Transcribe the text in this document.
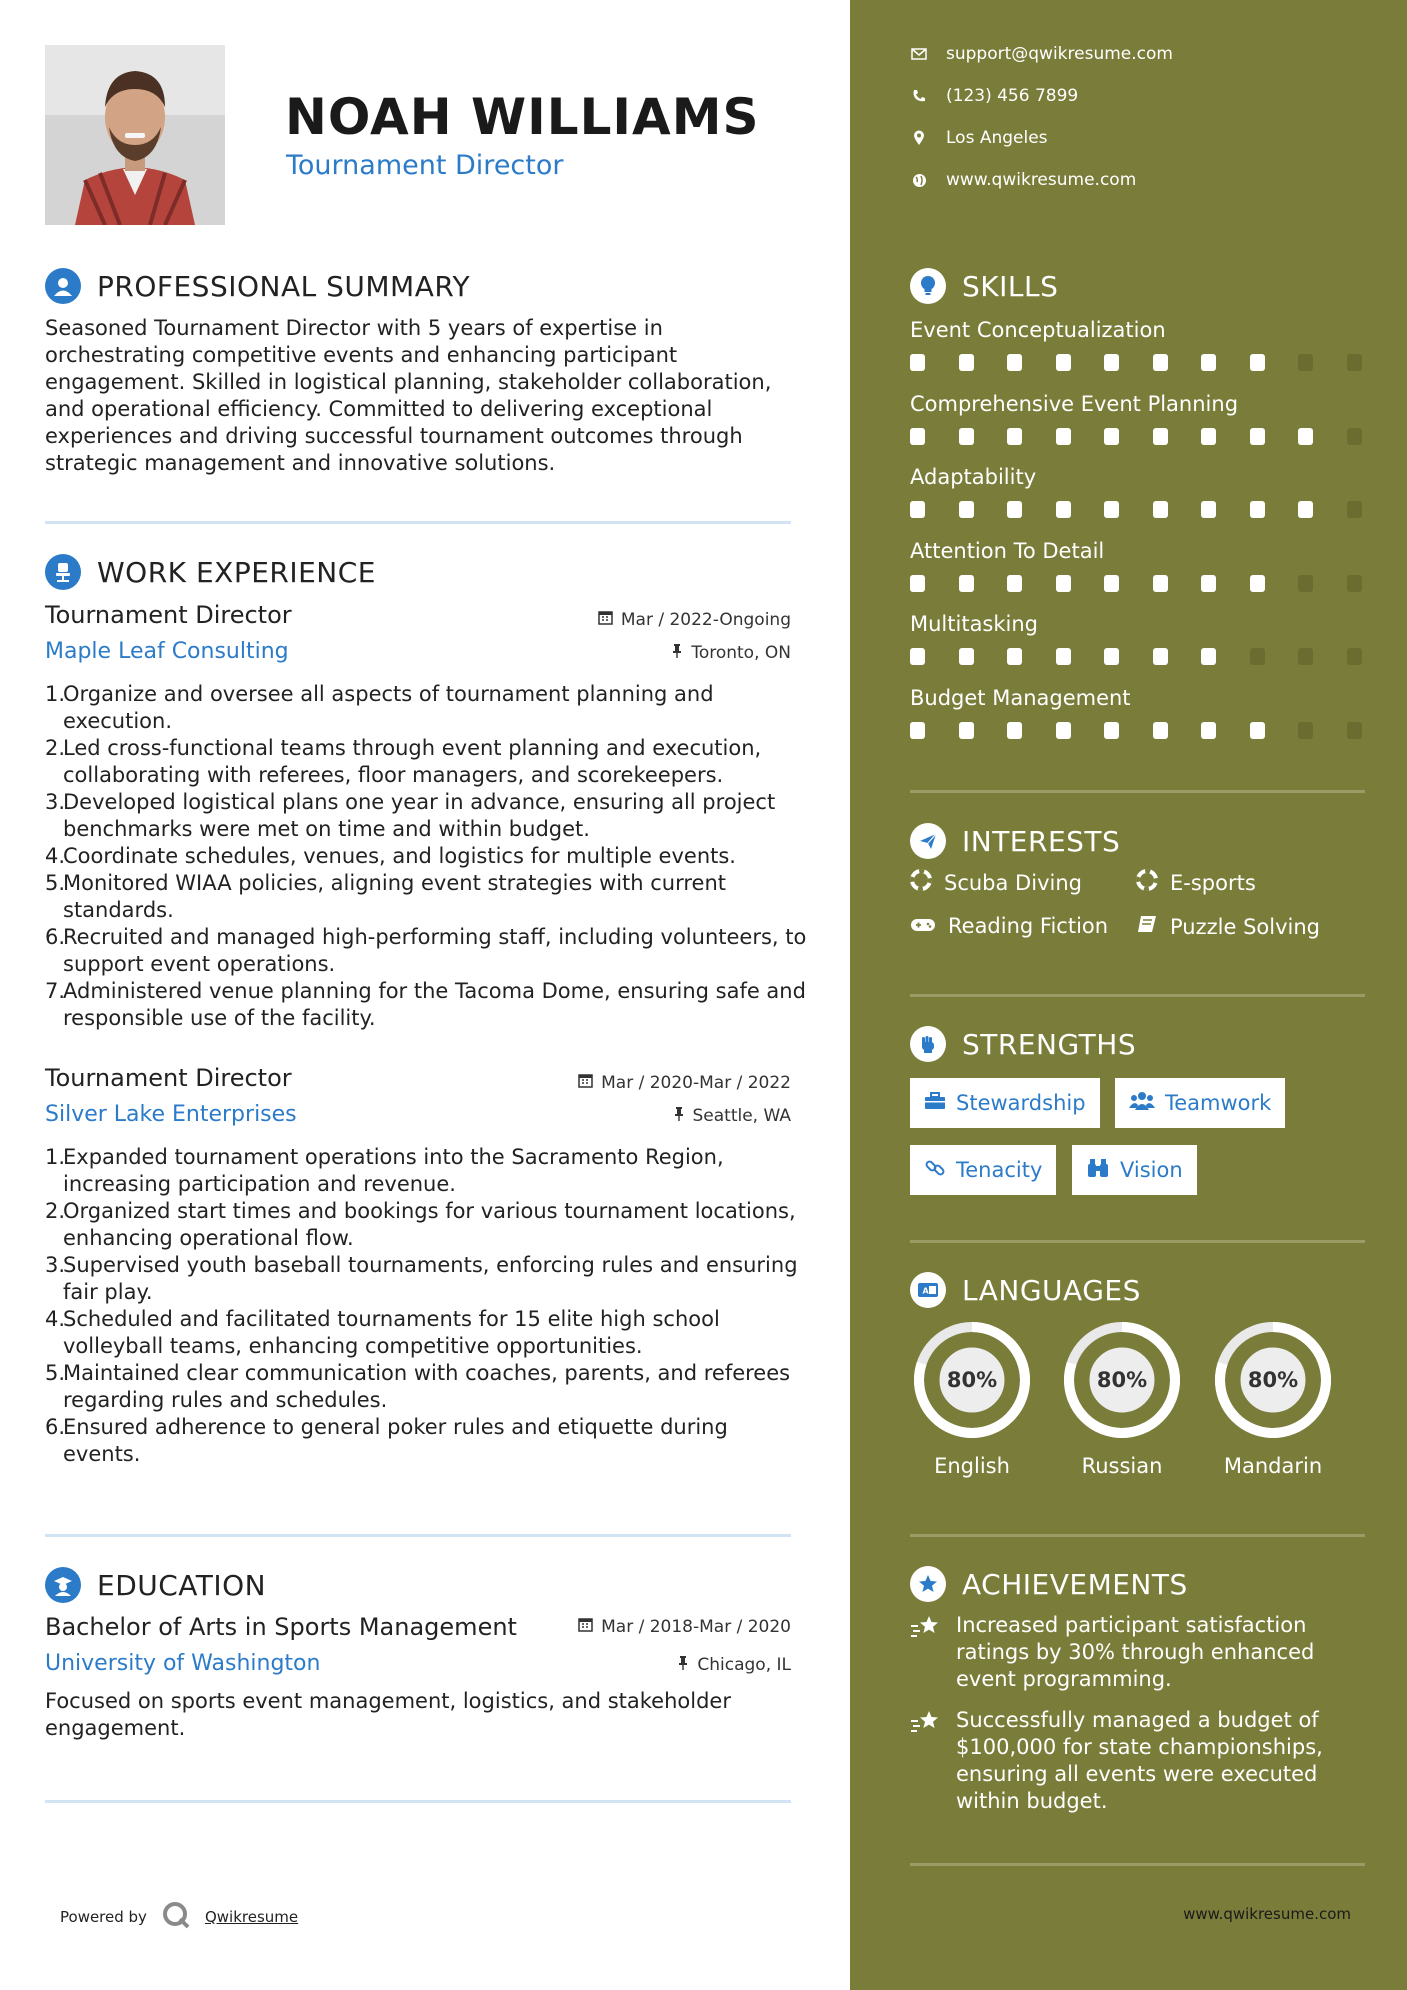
NOAH WILLIAMS
Tournament Director
PROFESSIONAL SUMMARY
Seasoned Tournament Director with 5 years of expertise in orchestrating competitive events and enhancing participant engagement. Skilled in logistical planning, stakeholder collaboration, and operational efficiency. Committed to delivering exceptional experiences and driving successful tournament outcomes through strategic management and innovative solutions.
WORK EXPERIENCE
Tournament Director	Mar / 2022-Ongoing
Maple Leaf Consulting	Toronto, ON
1.
Organize and oversee all aspects of tournament planning and execution.
2.
Led cross-functional teams through event planning and execution, collaborating with referees, floor managers, and scorekeepers.
3.
Developed logistical plans one year in advance, ensuring all project benchmarks were met on time and within budget.
4.
Coordinate schedules, venues, and logistics for multiple events.
5.
Monitored WIAA policies, aligning event strategies with current standards.
6.
Recruited and managed high-performing staff, including volunteers, to support event operations.
7.
Administered venue planning for the Tacoma Dome, ensuring safe and responsible use of the facility.
Tournament Director	Mar / 2020-Mar / 2022
Silver Lake Enterprises	Seattle, WA
1.
Expanded tournament operations into the Sacramento Region, increasing participation and revenue.
2.
Organized start times and bookings for various tournament locations, enhancing operational flow.
3.
Supervised youth baseball tournaments, enforcing rules and ensuring fair play.
4.
Scheduled and facilitated tournaments for 15 elite high school volleyball teams, enhancing competitive opportunities.
5.
Maintained clear communication with coaches, parents, and referees regarding rules and schedules.
6.
Ensured adherence to general poker rules and etiquette during events.
EDUCATION
Bachelor of Arts in Sports Management	Mar / 2018-Mar / 2020
University of Washington	Chicago, IL
Focused on sports event management, logistics, and stakeholder engagement.
Powered by	Qwikresume
support@qwikresume.com
(123) 456 7899
Los Angeles
www.qwikresume.com
SKILLS
Event Conceptualization
Comprehensive Event Planning
Adaptability
Attention To Detail
Multitasking
Budget Management
INTERESTS
Scuba Diving	E-sports
Reading Fiction	Puzzle Solving
STRENGTHS
Stewardship	Teamwork
Tenacity	Vision
A LANGUAGES
80%
English
80%
Russian
80%
Mandarin
ACHIEVEMENTS
Increased participant satisfaction ratings by 30% through enhanced event programming.
Successfully managed a budget of $100,000 for state championships, ensuring all events were executed within budget.
www.qwikresume.com
